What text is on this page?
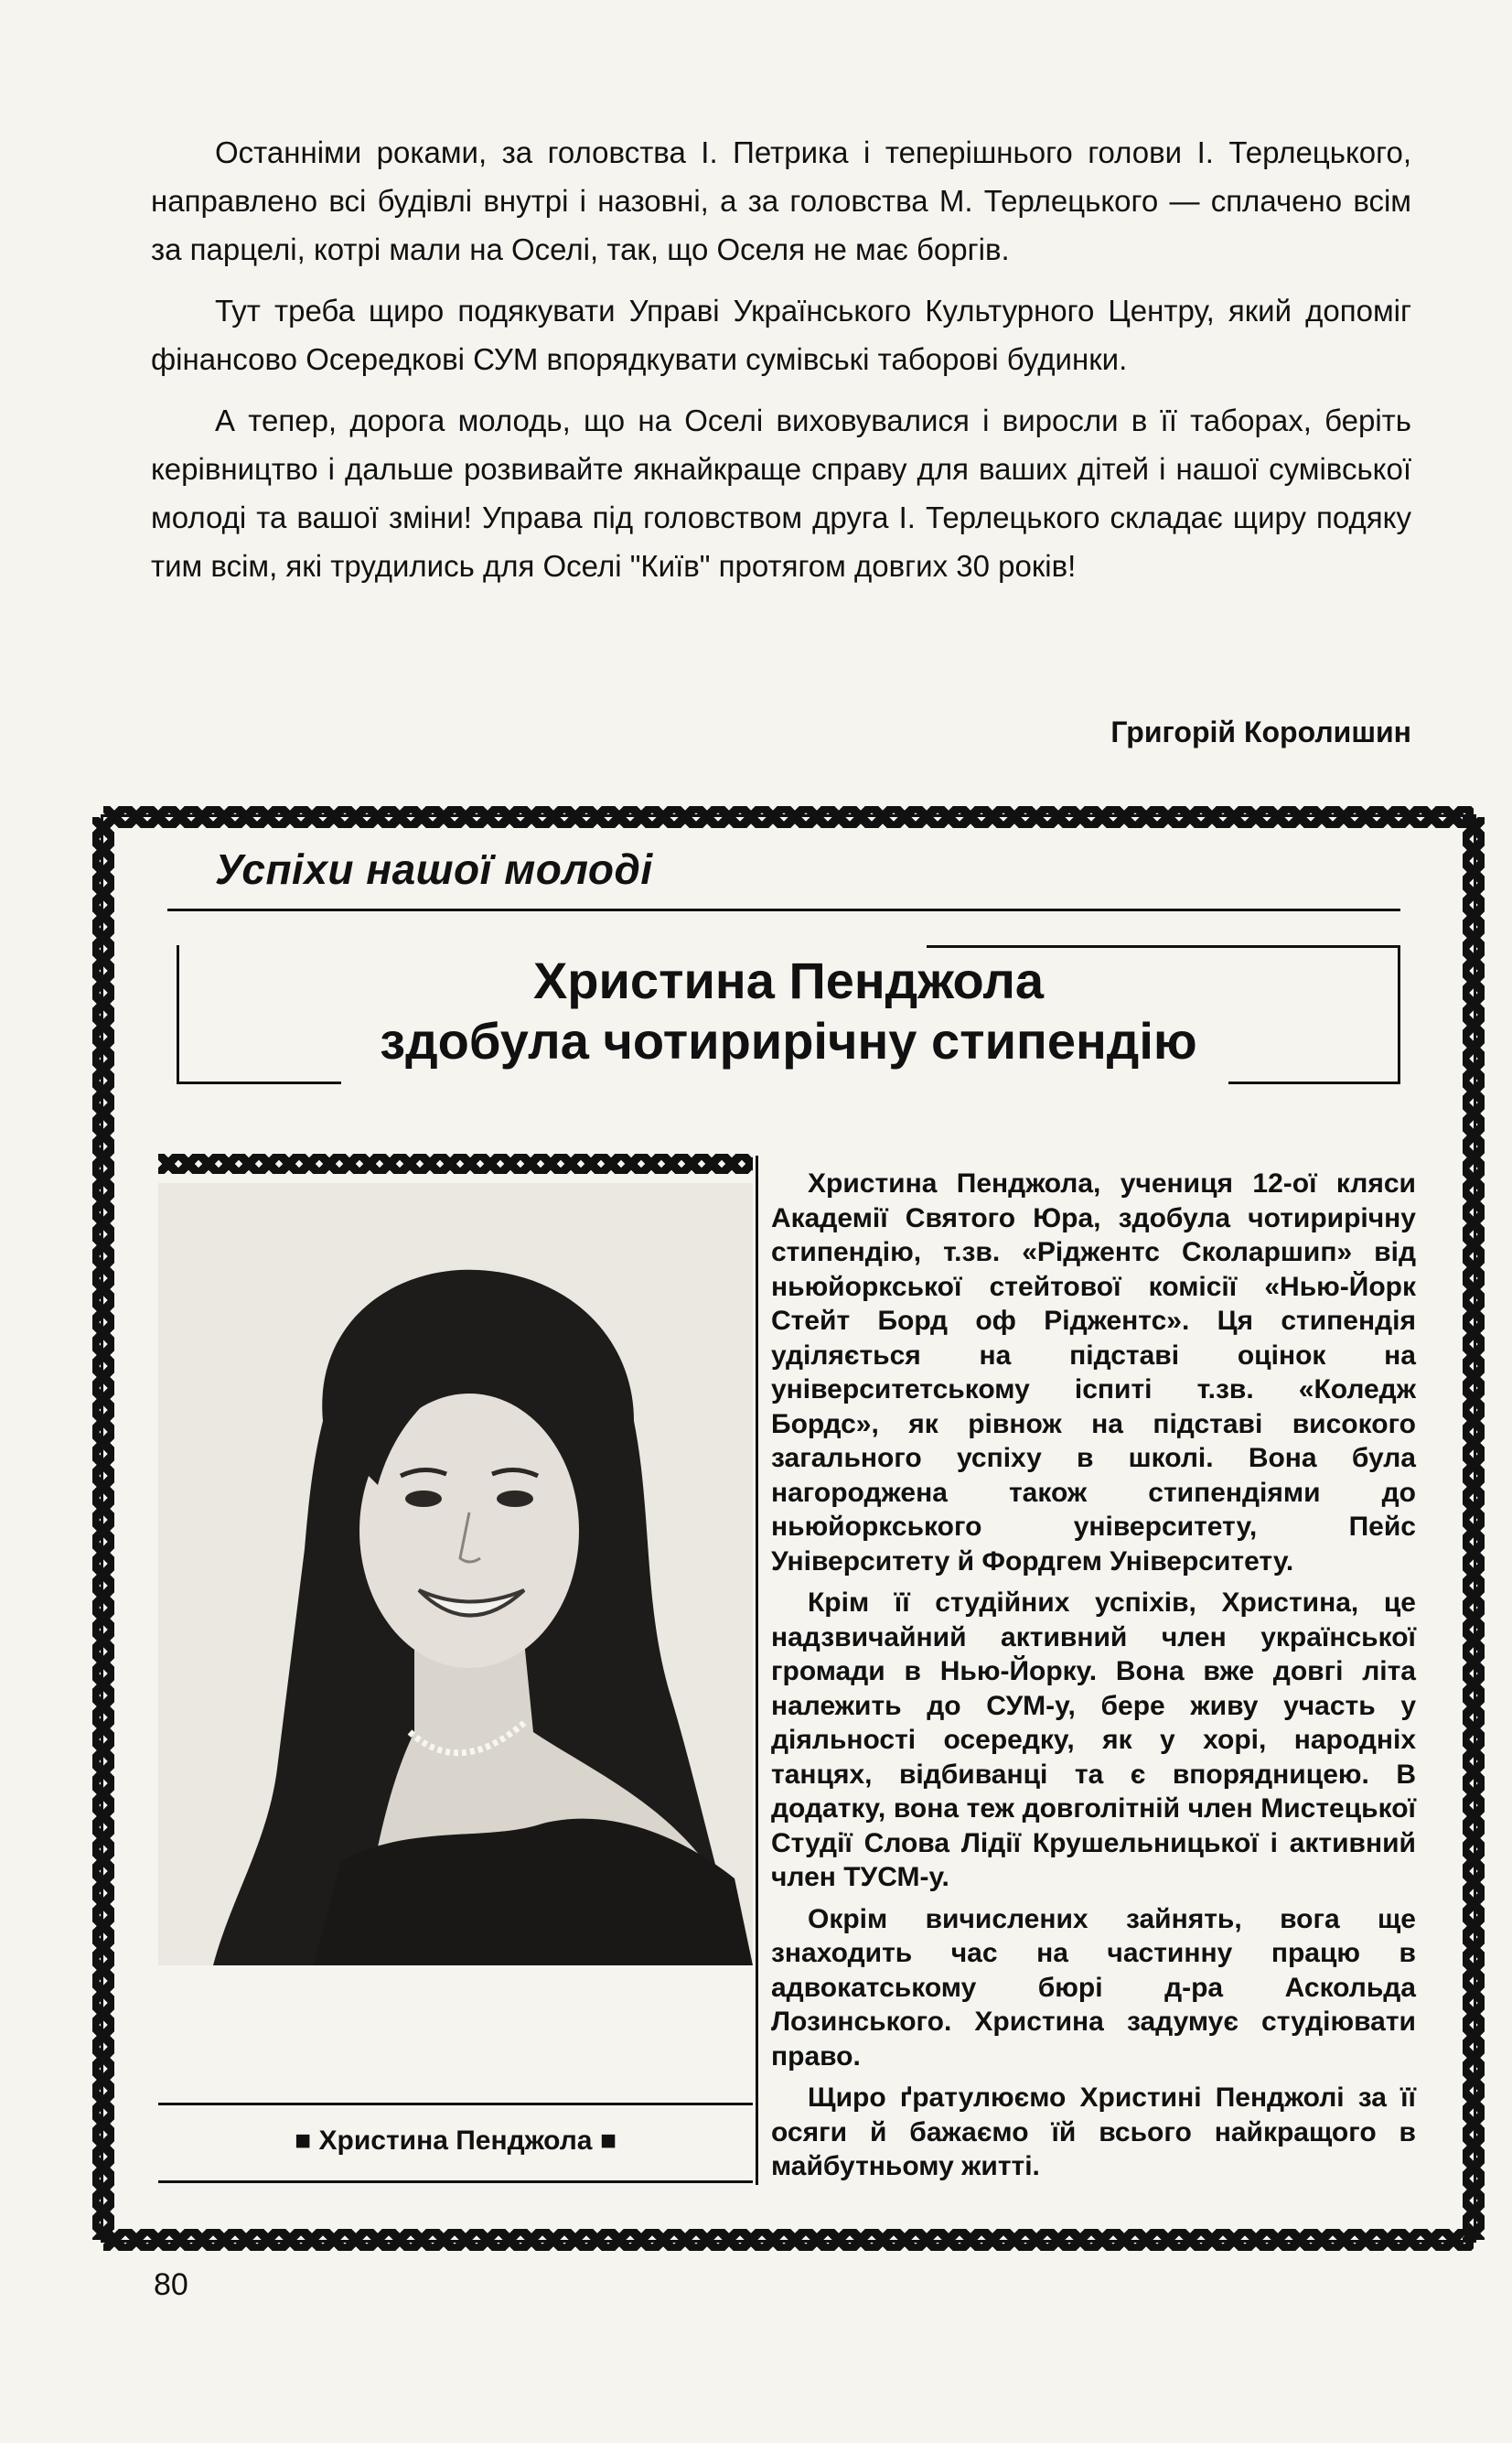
Останніми роками, за головства І. Петрика і теперішнього голови І. Терлецького, направлено всі будівлі внутрі і назовні, а за головства М. Терлецького — сплачено всім за парцелі, котрі мали на Оселі, так, що Оселя не має боргів.

Тут треба щиро подякувати Управі Українського Культурного Центру, який допоміг фінансово Осередкові СУМ впорядкувати сумівські таборові будинки.

А тепер, дорога молодь, що на Оселі виховувалися і виросли в її таборах, беріть керівництво і дальше розвивайте якнайкраще справу для ваших дітей і нашої сумівської молоді та вашої зміни! Управа під головством друга І. Терлецького складає щиру подяку тим всім, які трудились для Оселі "Київ" протягом довгих 30 років!

Григорій Королишин
Успіхи нашої молоді
Христина Пенджола
здобула чотирирічну стипендію
■ Христина Пенджола ■

Христина Пенджола, учениця 12-ої кляси Академії Святого Юра, здобула чотирирічну стипендію, т.зв. «Ріджентс Сколаршип» від ньюйоркської стейтової комісії «Нью-Йорк Стейт Борд оф Ріджентс». Ця стипендія уділяється на підставі оцінок на університетському іспиті т.зв. «Коледж Бордс», як рівнож на підставі високого загального успіху в школі. Вона була нагороджена також стипендіями до ньюйоркського університету, Пейс Університету й Фордгем Університету.

Крім її студійних успіхів, Христина, це надзвичайний активний член української громади в Нью-Йорку. Вона вже довгі літа належить до СУМ-у, бере живу участь у діяльності осередку, як у хорі, народніх танцях, відбиванці та є впорядницею. В додатку, вона теж довголітній член Мистецької Студії Слова Лідії Крушельницької і активний член ТУСМ-у.

Окрім вичислених зайнять, вога ще знаходить час на частинну працю в адвокатському бюрі д-ра Аскольда Лозинського. Христина задумує студіювати право.

Щиро ґратулюємо Христині Пенджолі за її осяги й бажаємо їй всього найкращого в майбутньому житті.

80
